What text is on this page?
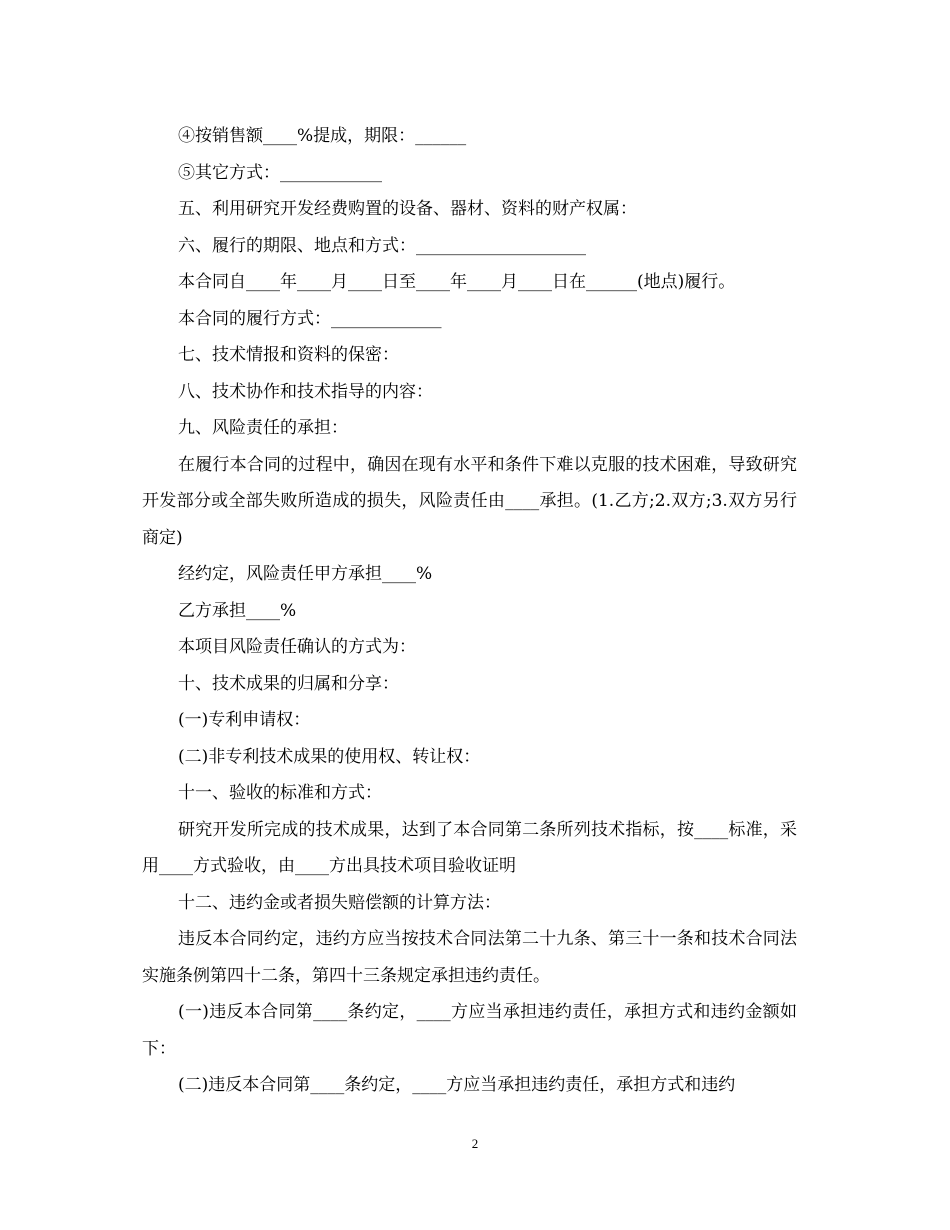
④按销售额____%提成，期限：______

⑤其它方式：____________

五、利用研究开发经费购置的设备、器材、资料的财产权属：

六、履行的期限、地点和方式：____________________

本合同自____年____月____日至____年____月____日在______(地点)履行。

本合同的履行方式：_____________

七、技术情报和资料的保密：

八、技术协作和技术指导的内容：

九、风险责任的承担：

在履行本合同的过程中，确因在现有水平和条件下难以克服的技术困难，导致研究开发部分或全部失败所造成的损失，风险责任由____承担。(1.乙方;2.双方;3.双方另行商定)

经约定，风险责任甲方承担____%

乙方承担____%

本项目风险责任确认的方式为：

十、技术成果的归属和分享：

(一)专利申请权：

(二)非专利技术成果的使用权、转让权：

十一、验收的标准和方式：

研究开发所完成的技术成果，达到了本合同第二条所列技术指标，按____标准，采用____方式验收，由____方出具技术项目验收证明

十二、违约金或者损失赔偿额的计算方法：

违反本合同约定，违约方应当按技术合同法第二十九条、第三十一条和技术合同法实施条例第四十二条，第四十三条规定承担违约责任。

(一)违反本合同第____条约定，____方应当承担违约责任，承担方式和违约金额如下：

(二)违反本合同第____条约定，____方应当承担违约责任，承担方式和违约

2
